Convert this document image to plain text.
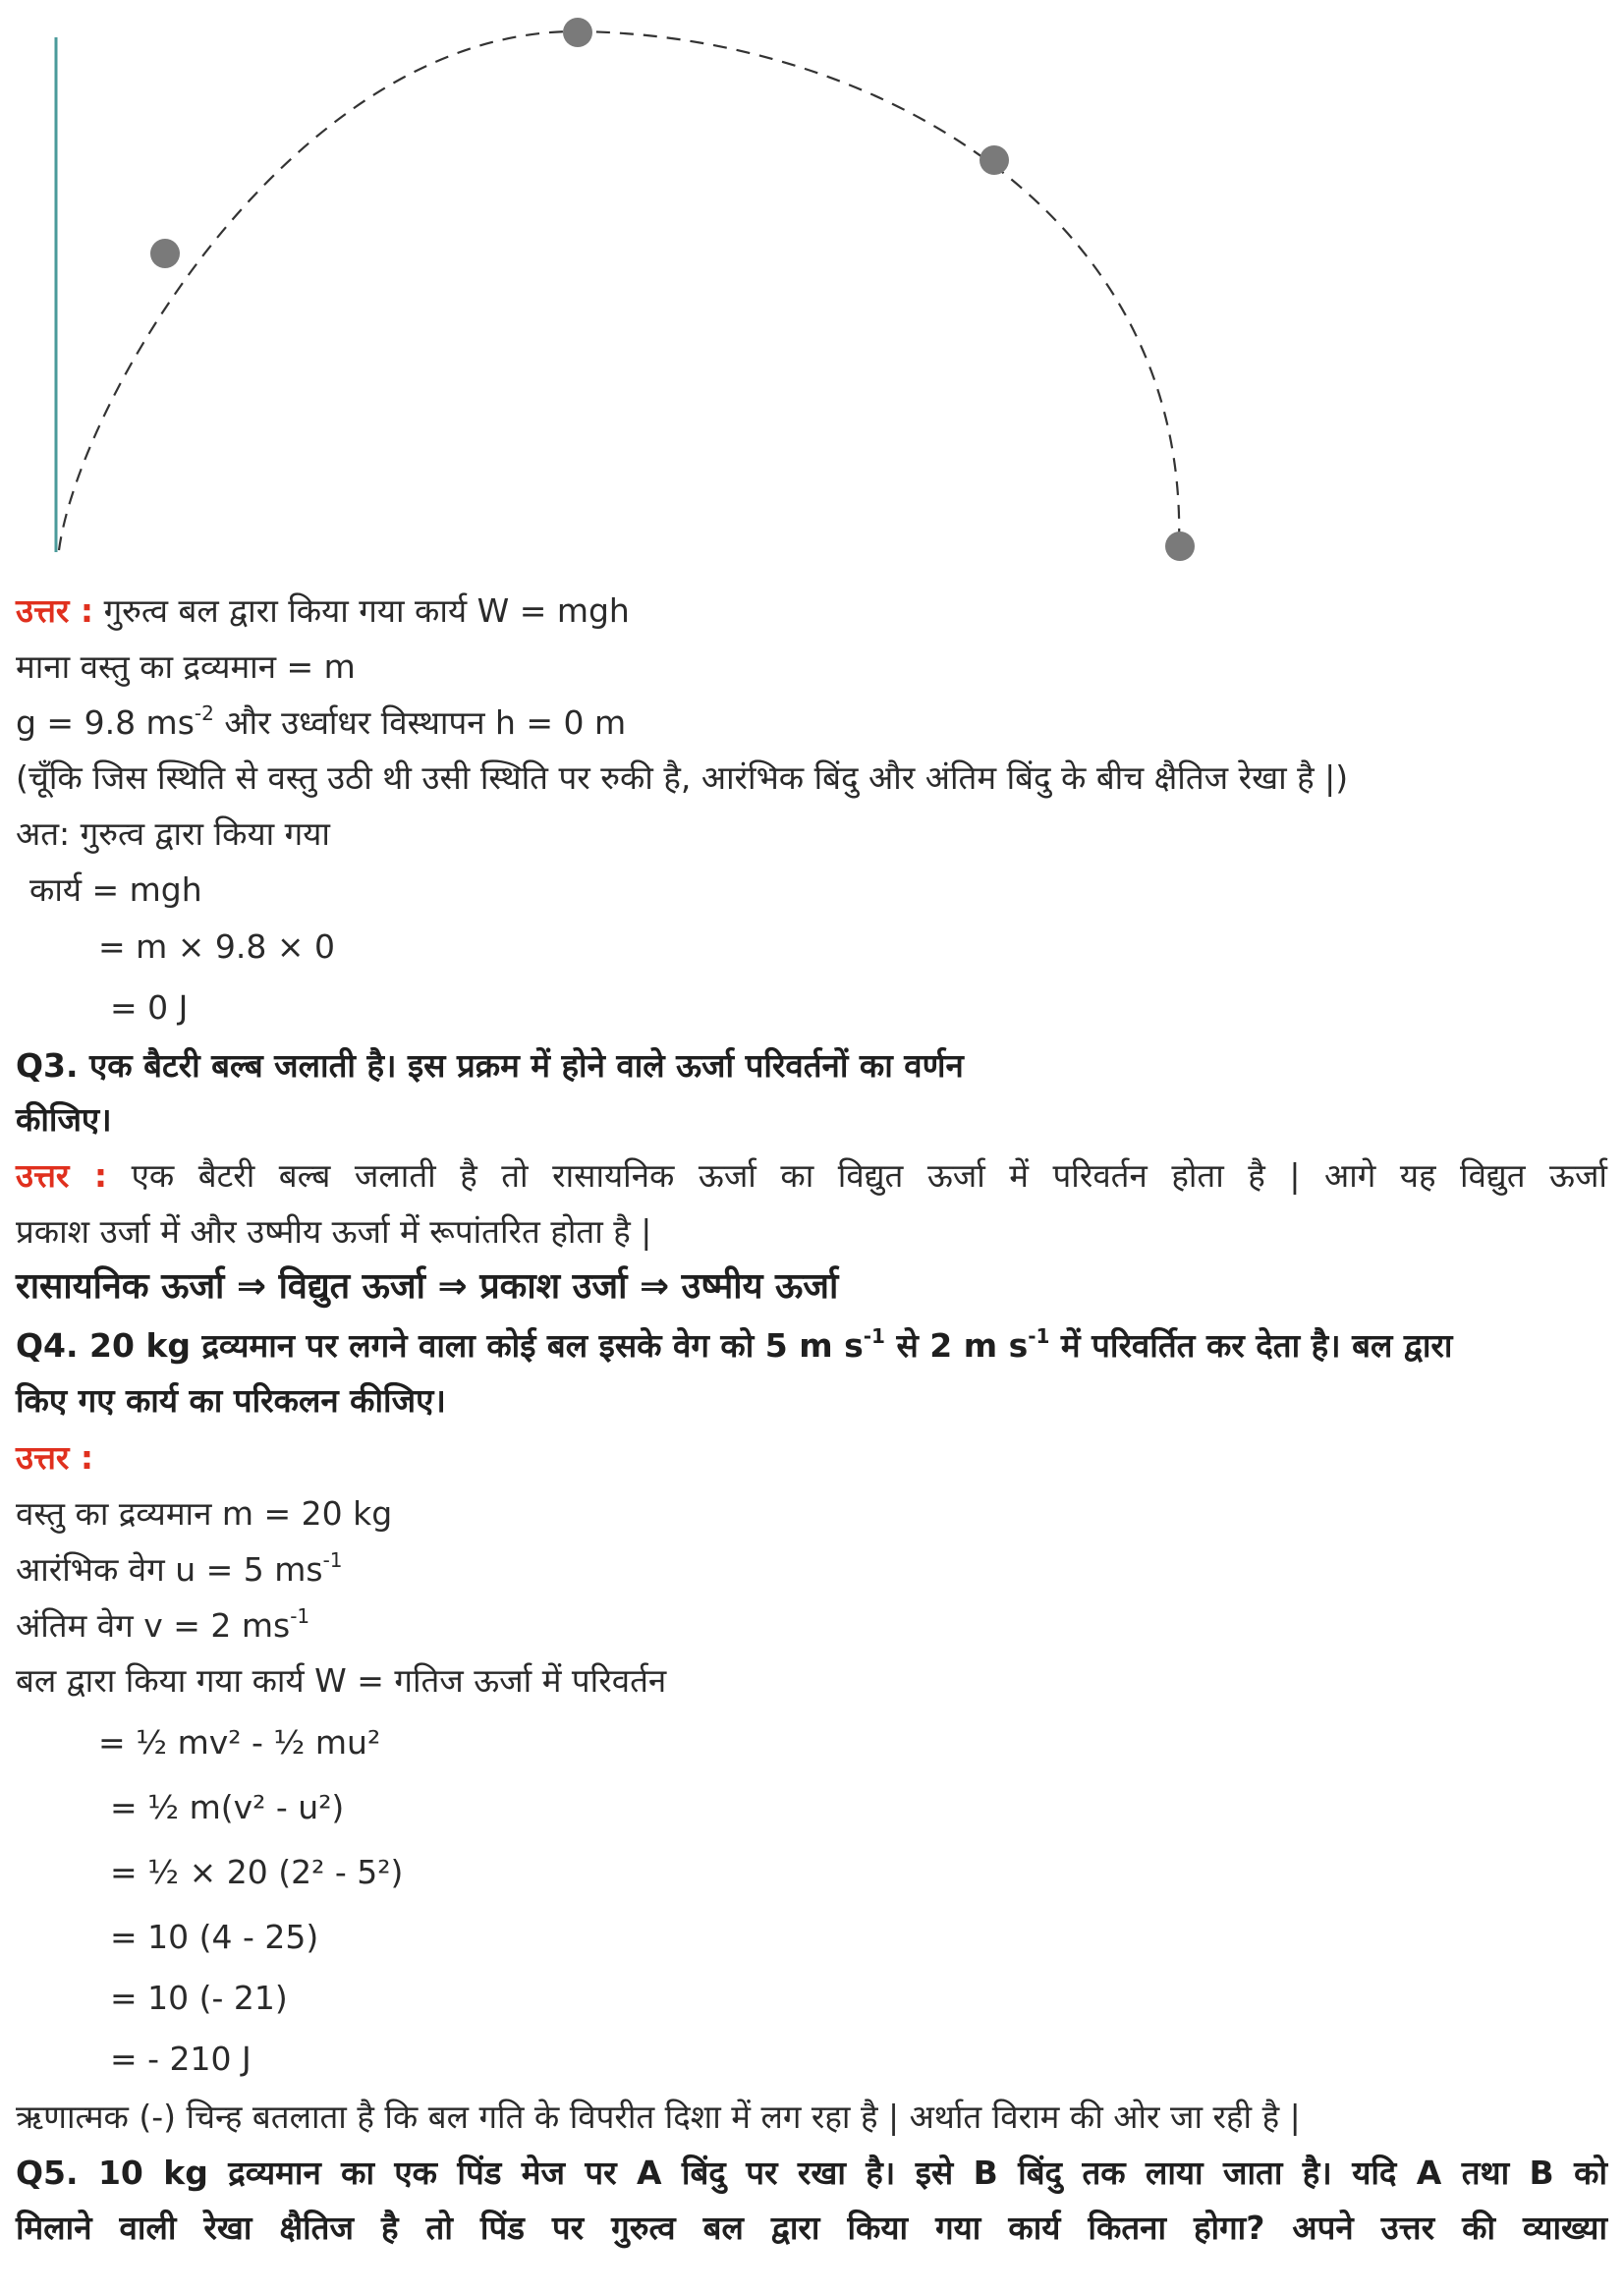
उत्तर : गुरुत्व बल द्वारा किया गया कार्य W = mgh
माना वस्तु का द्रव्यमान = m
g = 9.8 $ms^{-2}$ और उर्ध्वाधर विस्थापन h = 0 m
(चूँकि जिस स्थिति से वस्तु उठी थी उसी स्थिति पर रुकी है, आरंभिक बिंदु और अंतिम बिंदु के बीच क्षैतिज रेखा है |)
अत: गुरुत्व द्वारा किया गया
कार्य = mgh
= m × 9.8 × 0
= 0 J
Q3. एक बैटरी बल्ब जलाती है। इस प्रक्रम में होने वाले ऊर्जा परिवर्तनों का वर्णन
कीजिए।
उत्तर : एक बैटरी बल्ब जलाती है तो रासायनिक ऊर्जा का विद्युत ऊर्जा में परिवर्तन होता है | आगे यह विद्युत ऊर्जा
प्रकाश उर्जा में और उष्मीय ऊर्जा में रूपांतरित होता है |
रासायनिक ऊर्जा ⇒ विद्युत ऊर्जा ⇒ प्रकाश उर्जा ⇒ उष्मीय ऊर्जा
Q4. 20 kg द्रव्यमान पर लगने वाला कोई बल इसके वेग को 5 m $s^{-1}$ से 2 m $s^{-1}$ में परिवर्तित कर देता है। बल द्वारा
किए गए कार्य का परिकलन कीजिए।
उत्तर :
वस्तु का द्रव्यमान m = 20 kg
आरंभिक वेग u = 5 $ms^{-1}$
अंतिम वेग v = 2 $ms^{-1}$
बल द्वारा किया गया कार्य W = गतिज ऊर्जा में परिवर्तन
= ½ mv² - ½ mu²
= ½ m(v² - u²)
= ½ × 20 (2² - 5²)
= 10 (4 - 25)
= 10 (- 21)
= - 210 J
ऋणात्मक (-) चिन्ह बतलाता है कि बल गति के विपरीत दिशा में लग रहा है | अर्थात विराम की ओर जा रही है |
Q5. 10 kg द्रव्यमान का एक पिंड मेज पर A बिंदु पर रखा है। इसे B बिंदु तक लाया जाता है। यदि A तथा B को
मिलाने वाली रेखा क्षैतिज है तो पिंड पर गुरुत्व बल द्वारा किया गया कार्य कितना होगा? अपने उत्तर की व्याख्या
